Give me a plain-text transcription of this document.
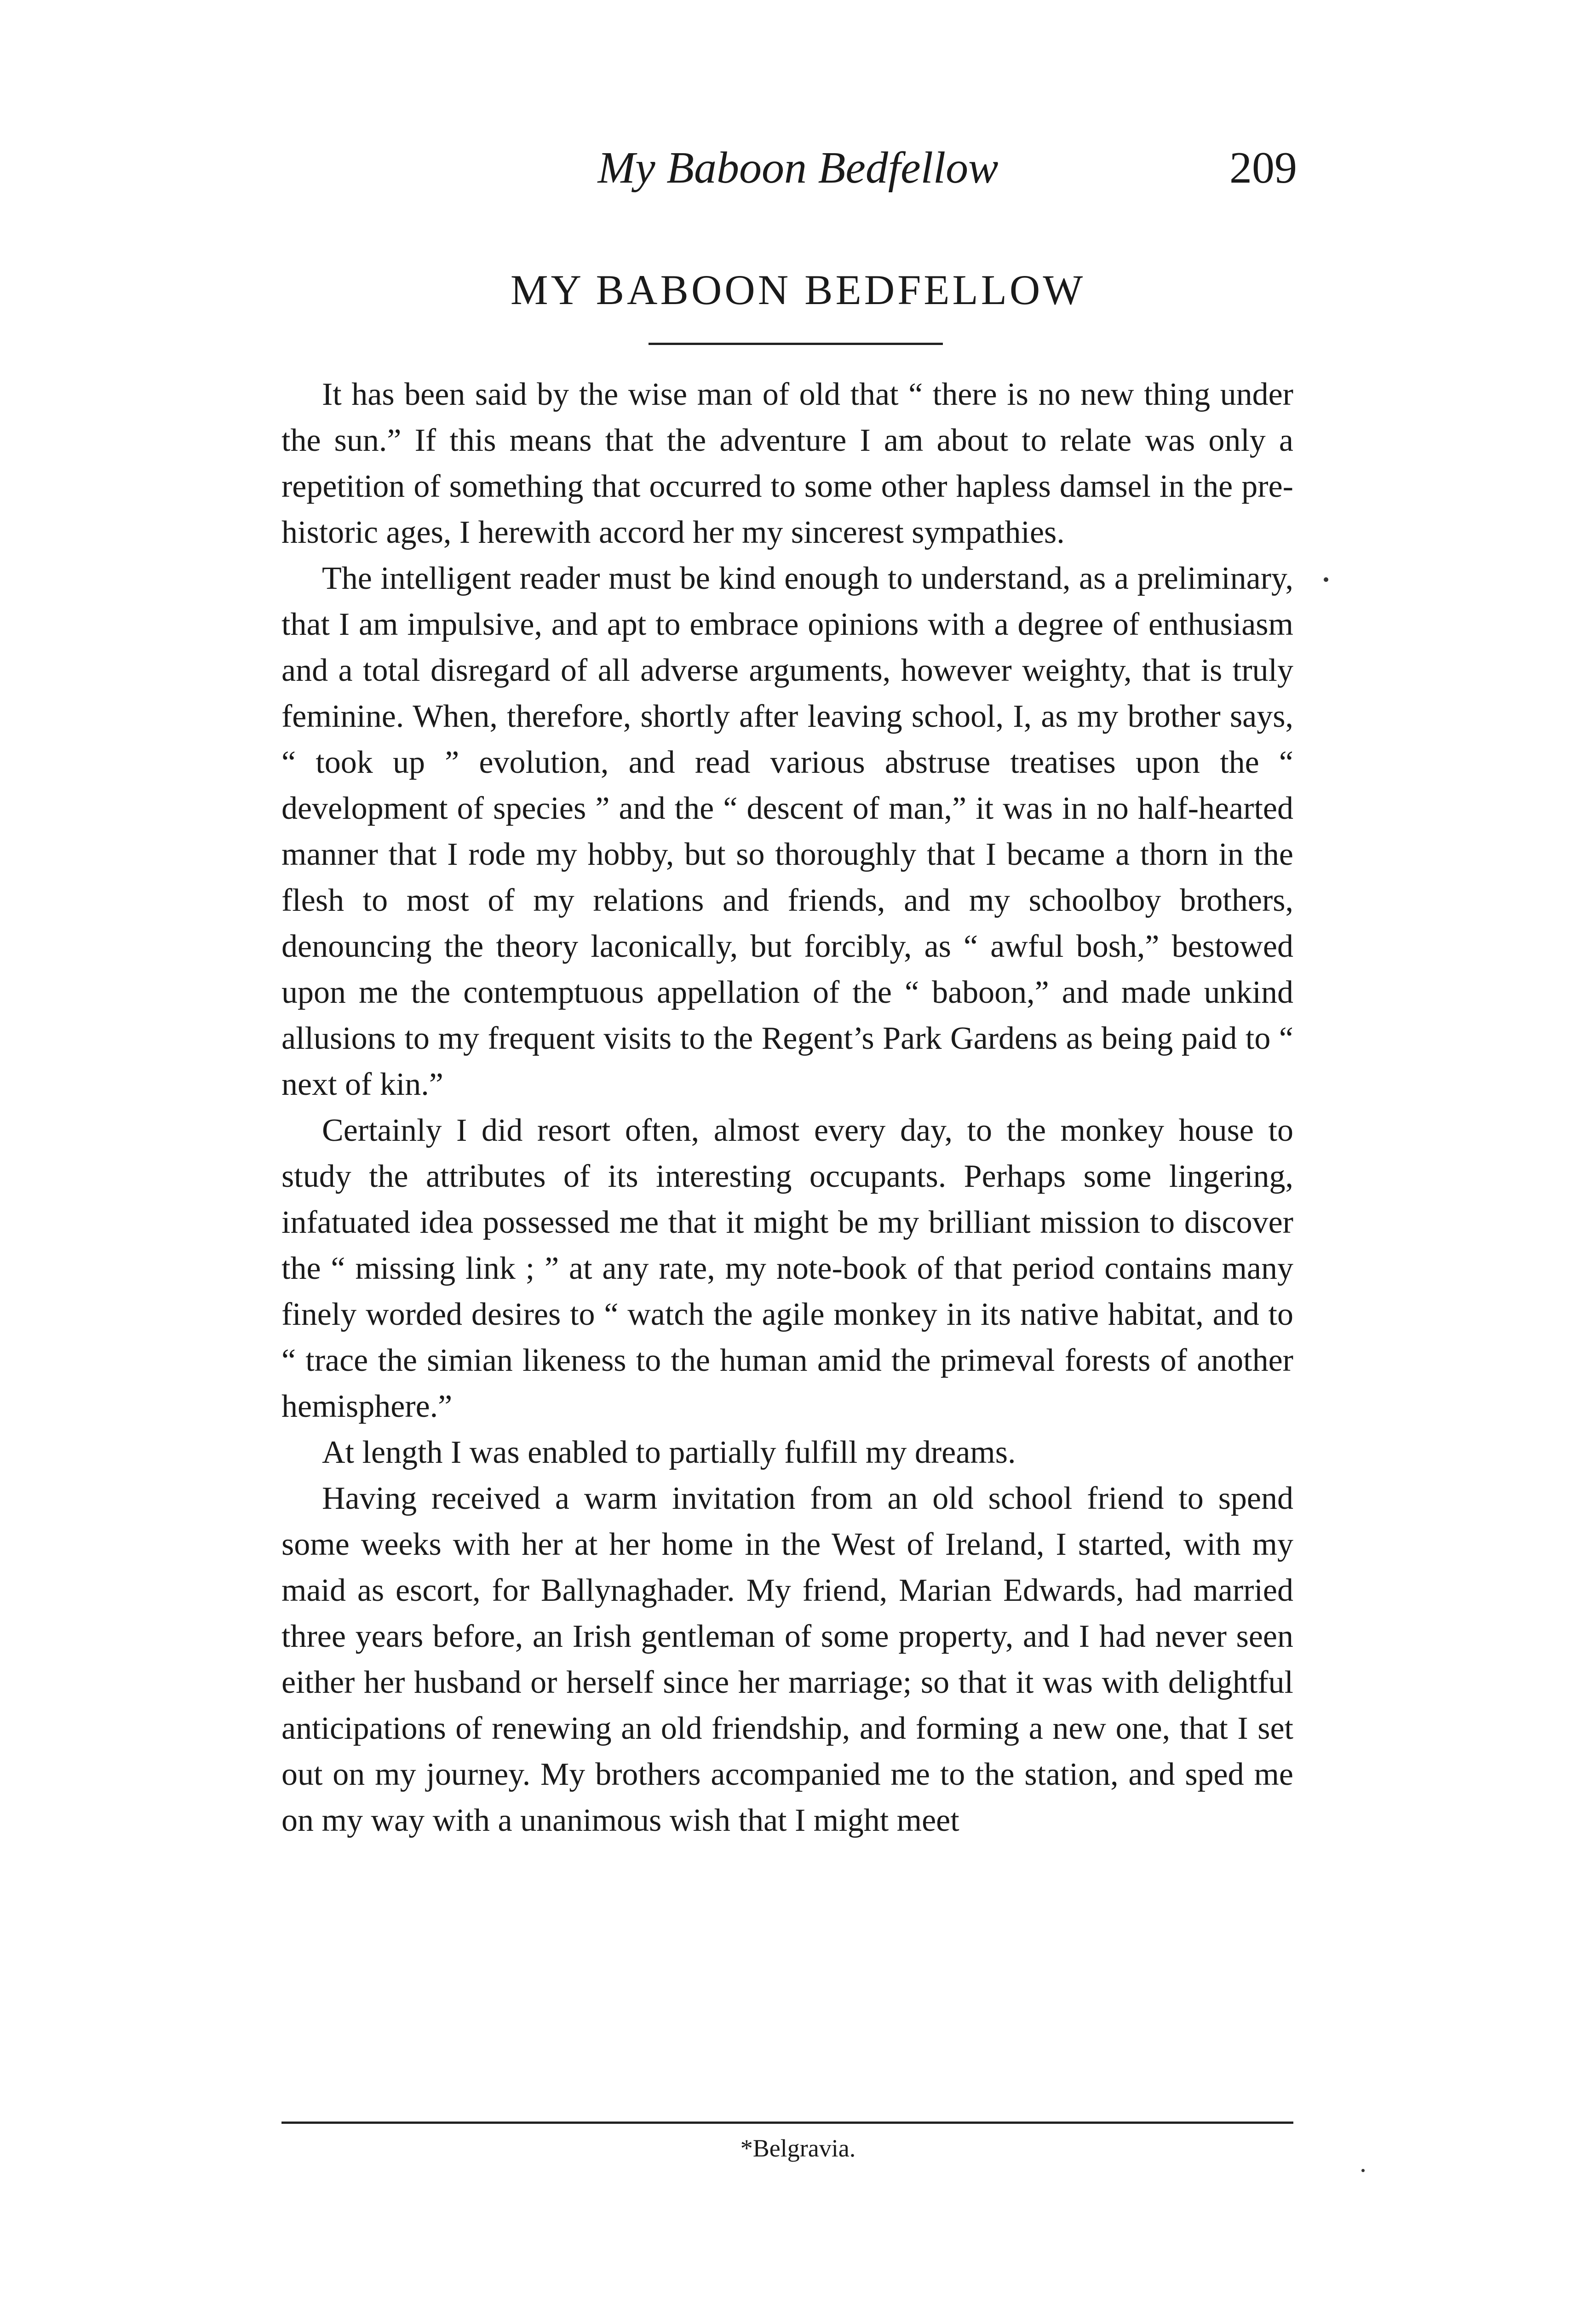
My Baboon Bedfellow	209
MY BABOON BEDFELLOW

It has been said by the wise man of old that “ there is no new thing under the sun.” If this means that the adventure I am about to relate was only a repetition of something that occurred to some other hapless damsel in the pre-historic ages, I herewith accord her my sincerest sympathies.

The intelligent reader must be kind enough to understand, as a preliminary, that I am impulsive, and apt to embrace opinions with a degree of enthusiasm and a total disregard of all adverse arguments, however weighty, that is truly feminine. When, therefore, shortly after leaving school, I, as my brother says, “ took up ” evolution, and read various abstruse treatises upon the “ development of species ” and the “ descent of man,” it was in no half-hearted manner that I rode my hobby, but so thoroughly that I became a thorn in the flesh to most of my relations and friends, and my schoolboy brothers, denouncing the theory laconically, but forcibly, as “ awful bosh,” bestowed upon me the contemptuous appellation of the “ baboon,” and made unkind allusions to my frequent visits to the Regent’s Park Gardens as being paid to “ next of kin.”

Certainly I did resort often, almost every day, to the monkey house to study the attributes of its interesting occupants. Perhaps some lingering, infatuated idea possessed me that it might be my brilliant mission to discover the “ missing link ; ” at any rate, my note-book of that period contains many finely worded desires to “ watch the agile monkey in its native habitat, and to “ trace the simian likeness to the human amid the primeval forests of another hemisphere.”

At length I was enabled to partially fulfill my dreams.

Having received a warm invitation from an old school friend to spend some weeks with her at her home in the West of Ireland, I started, with my maid as escort, for Ballynaghader. My friend, Marian Edwards, had married three years before, an Irish gentleman of some property, and I had never seen either her husband or herself since her marriage; so that it was with delightful anticipations of renewing an old friendship, and forming a new one, that I set out on my journey. My brothers accompanied me to the station, and sped me on my way with a unanimous wish that I might meet

*Belgravia.
